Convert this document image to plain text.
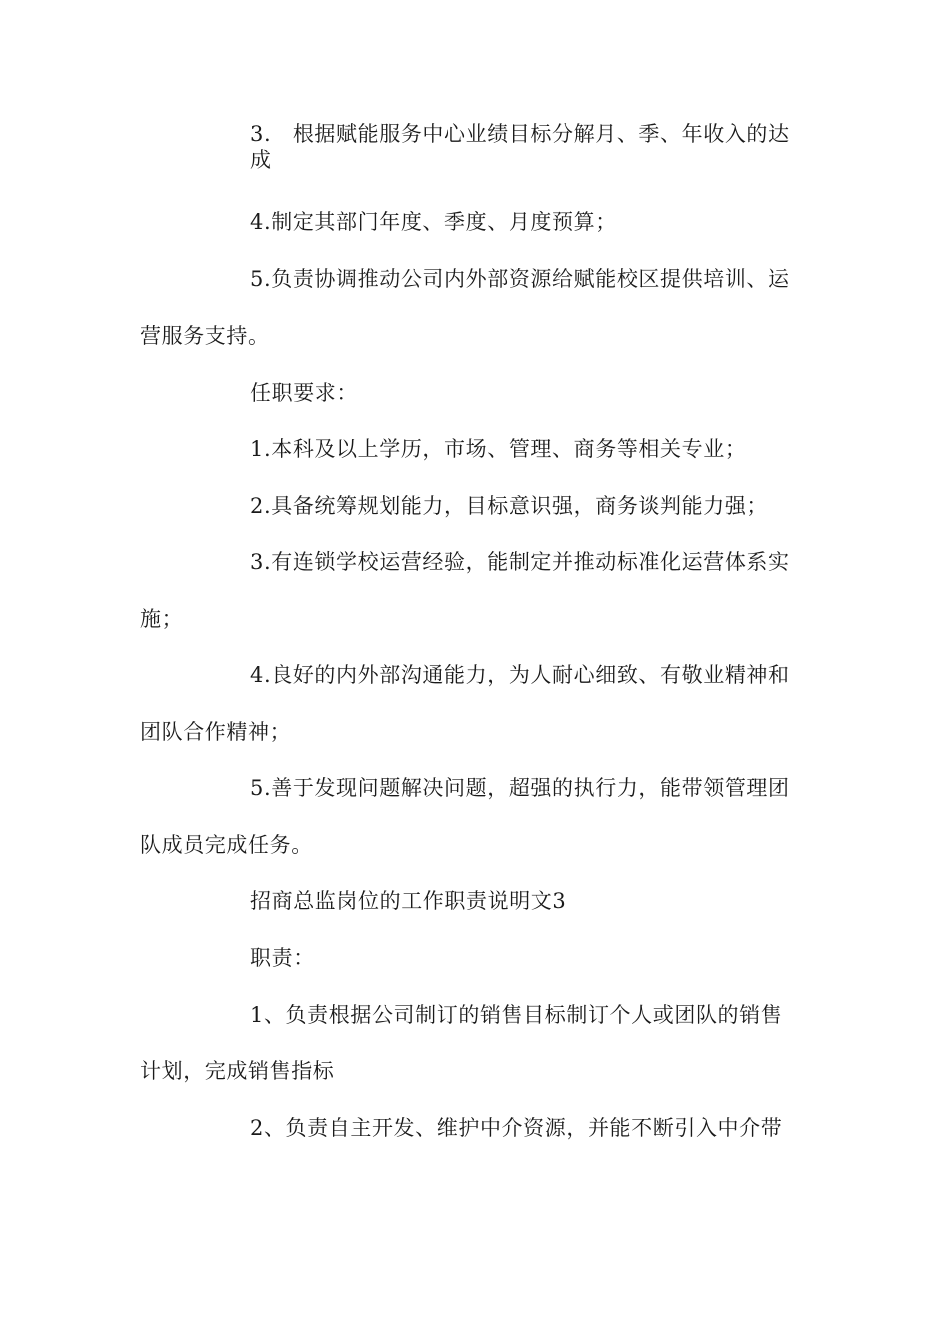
3.　根据赋能服务中心业绩目标分解月、季、年收入的达

成

4.制定其部门年度、季度、月度预算；

5.负责协调推动公司内外部资源给赋能校区提供培训、运

营服务支持。

任职要求：

1.本科及以上学历，市场、管理、商务等相关专业；

2.具备统筹规划能力，目标意识强，商务谈判能力强；

3.有连锁学校运营经验，能制定并推动标准化运营体系实

施；

4.良好的内外部沟通能力，为人耐心细致、有敬业精神和

团队合作精神；

5.善于发现问题解决问题，超强的执行力，能带领管理团

队成员完成任务。

招商总监岗位的工作职责说明文3

职责：

1、负责根据公司制订的销售目标制订个人或团队的销售

计划，完成销售指标

2、负责自主开发、维护中介资源，并能不断引入中介带
